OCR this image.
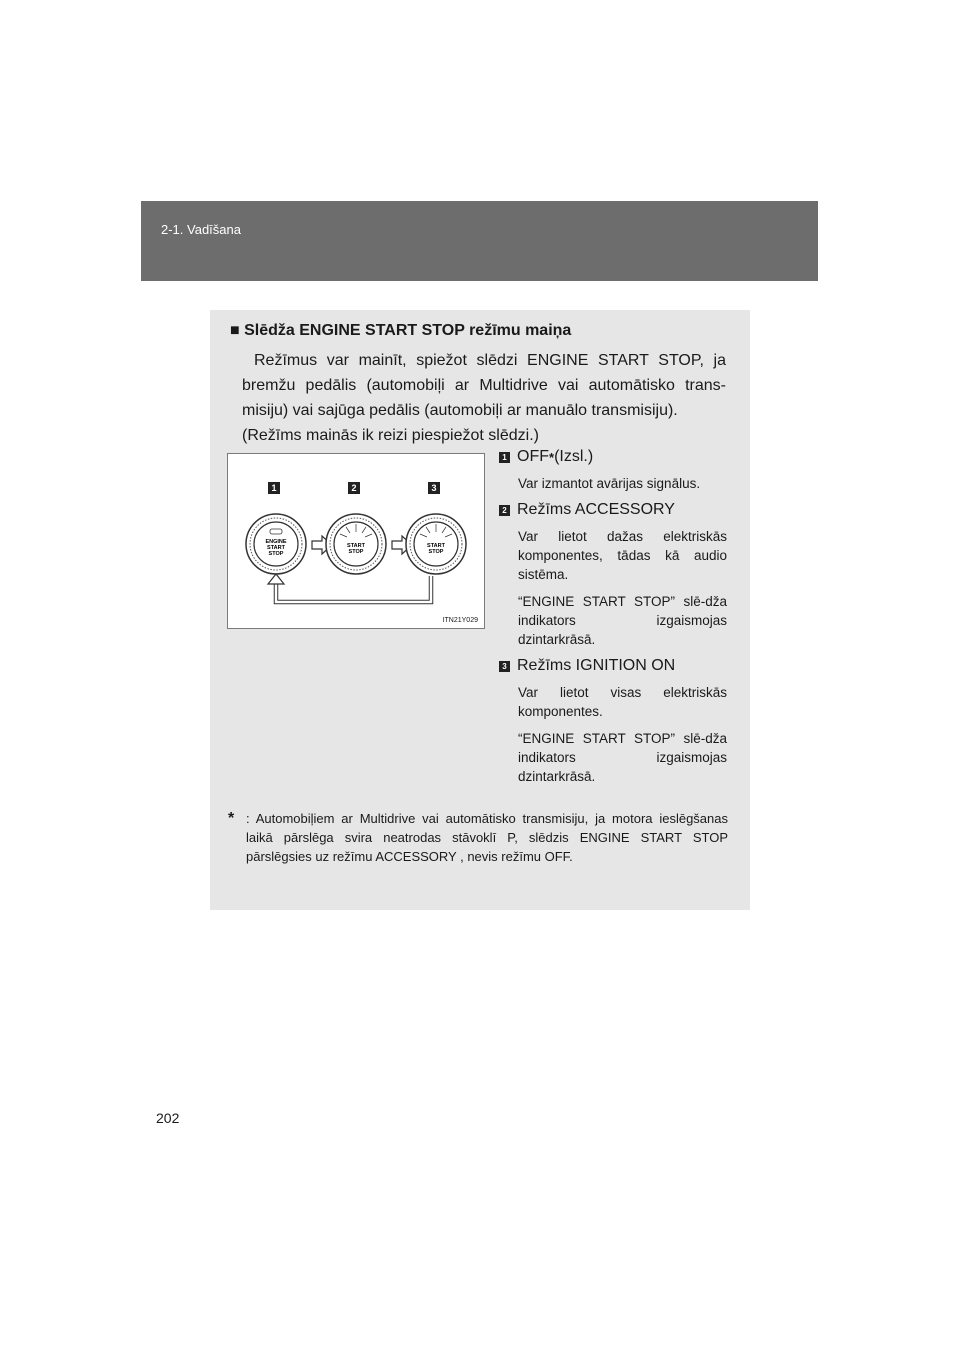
2-1. Vadīšana
■ Slēdža ENGINE START STOP režīmu maiņa
Režīmus var mainīt, spiežot slēdzi ENGINE START STOP, ja bremžu pedālis (automobiļi ar Multidrive vai automātisko trans-misiju) vai sajūga pedālis (automobiļi ar manuālo transmisiju).
(Režīms mainās ik reizi piespiežot slēdzi.)
1	2	3
ENGINE
START
STOP
START
STOP
START
STOP
ITN21Y029
1 OFF * (Izsl.)
Var izmantot avārijas signālus.
2 Režīms ACCESSORY
Var lietot dažas elektriskās komponentes, tādas kā audio sistēma.
“ENGINE START STOP” slē-dža indikators izgaismojas dzintarkrāsā.
3 Režīms IGNITION ON
Var lietot visas elektriskās komponentes.
“ENGINE START STOP” slē-dža indikators izgaismojas dzintarkrāsā.
* : Automobiļiem ar Multidrive vai automātisko transmisiju, ja motora ieslēgšanas laikā pārslēga svira neatrodas stāvoklī P, slēdzis ENGINE START STOP pārslēgsies uz režīmu ACCESSORY , nevis režīmu OFF.
202
